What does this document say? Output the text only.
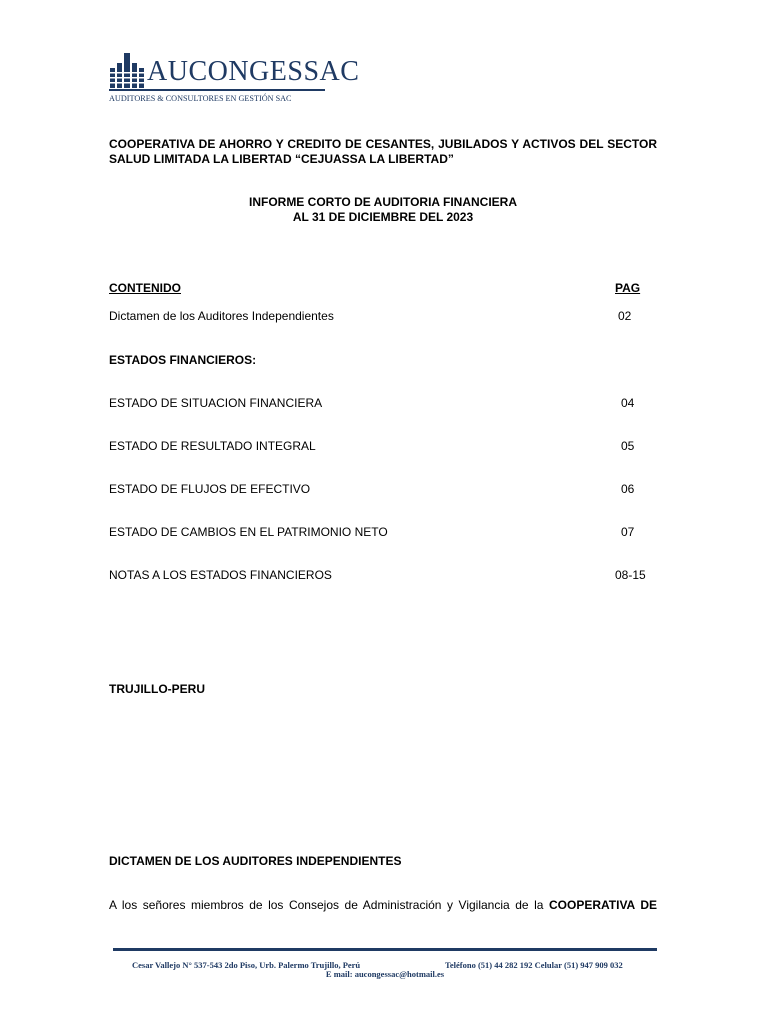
AUCONGESSAC
AUDITORES & CONSULTORES EN GESTIÓN SAC
COOPERATIVA DE AHORRO Y CREDITO DE CESANTES, JUBILADOS Y ACTIVOS DEL SECTOR SALUD LIMITADA LA LIBERTAD “CEJUASSA LA LIBERTAD”
INFORME CORTO DE AUDITORIA FINANCIERA
AL 31 DE DICIEMBRE DEL 2023
CONTENIDO	PAG
Dictamen de los Auditores Independientes	02
ESTADOS FINANCIEROS:
ESTADO DE SITUACION FINANCIERA	04
ESTADO DE RESULTADO INTEGRAL	05
ESTADO DE FLUJOS DE EFECTIVO	06
ESTADO DE CAMBIOS EN EL PATRIMONIO NETO	07
NOTAS A LOS ESTADOS FINANCIEROS	08-15
TRUJILLO-PERU
DICTAMEN DE LOS AUDITORES INDEPENDIENTES
A los señores miembros de los Consejos de Administración y Vigilancia de la COOPERATIVA DE
Cesar Vallejo N° 537-543 2do Piso, Urb. Palermo Trujillo, Perú	Teléfono (51) 44 282 192 Celular (51) 947 909 032
E mail: aucongessac@hotmail.es
